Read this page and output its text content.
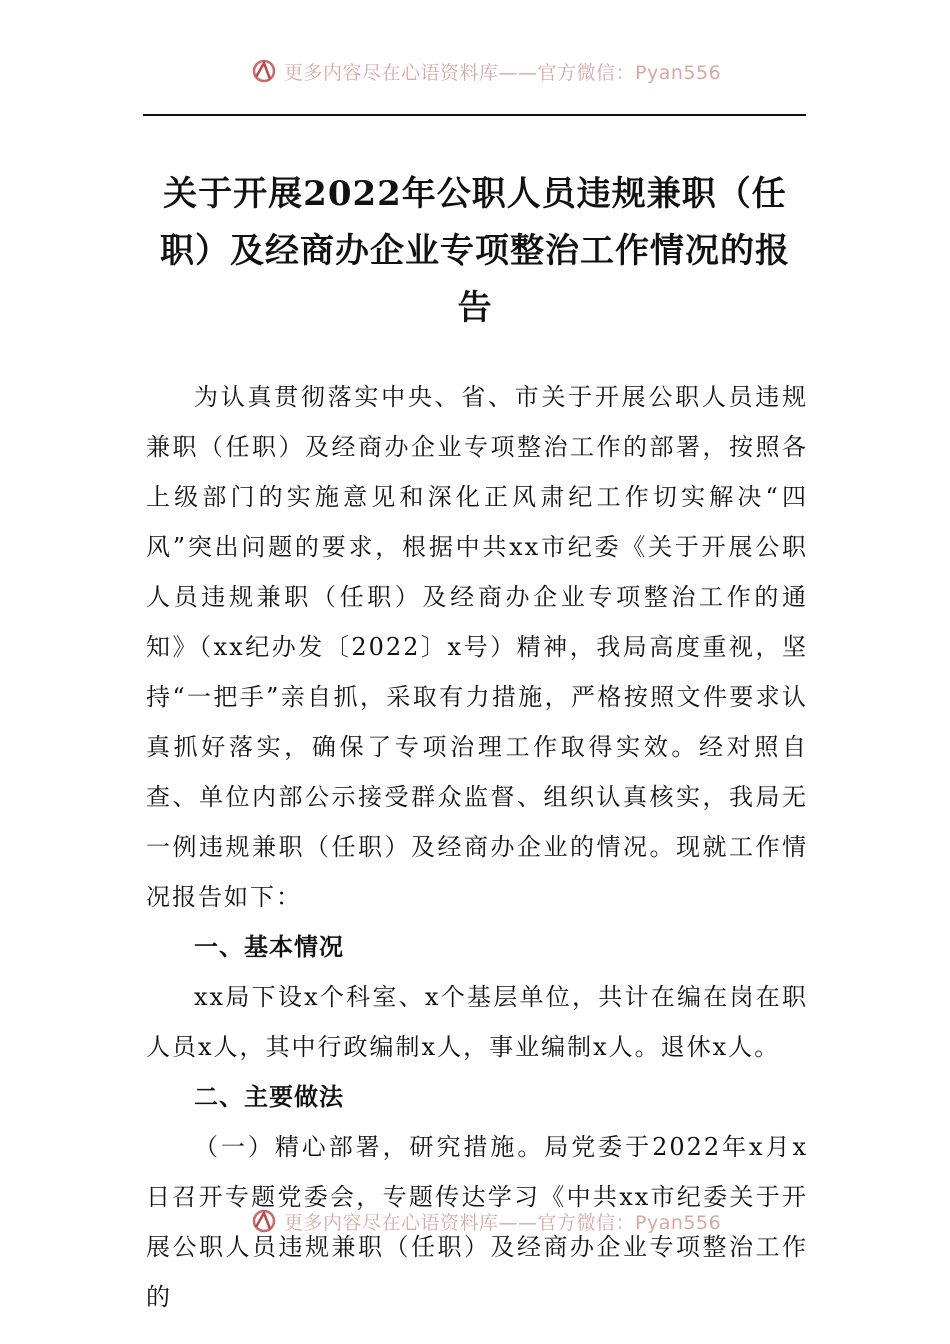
更多内容尽在心语资料库——官方微信：Pyan556
关于开展2022年公职人员违规兼职（任职）及经商办企业专项整治工作情况的报告

为认真贯彻落实中央、省、市关于开展公职人员违规兼职（任职）及经商办企业专项整治工作的部署，按照各上级部门的实施意见和深化正风肃纪工作切实解决“四风”突出问题的要求，根据中共xx市纪委《关于开展公职人员违规兼职（任职）及经商办企业专项整治工作的通知》（xx纪办发〔2022〕x号）精神，我局高度重视，坚持“一把手”亲自抓，采取有力措施，严格按照文件要求认真抓好落实，确保了专项治理工作取得实效。经对照自查、单位内部公示接受群众监督、组织认真核实，我局无一例违规兼职（任职）及经商办企业的情况。现就工作情况报告如下：

一、基本情况

xx局下设x个科室、x个基层单位，共计在编在岗在职人员x人，其中行政编制x人，事业编制x人。退休x人。

二、主要做法

（一）精心部署，研究措施。局党委于2022年x月x日召开专题党委会，专题传达学习《中共xx市纪委关于开展公职人员违规兼职（任职）及经商办企业专项整治工作的

更多内容尽在心语资料库——官方微信：Pyan556
